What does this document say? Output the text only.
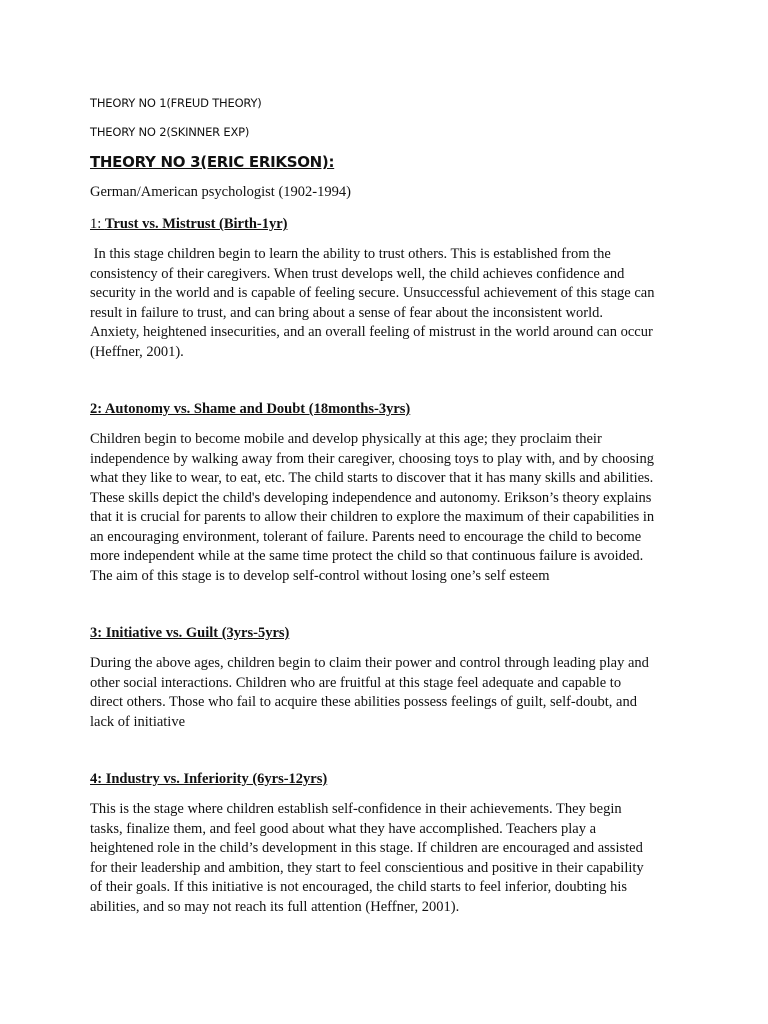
THEORY NO 1(FREUD THEORY)
THEORY NO 2(SKINNER EXP)
THEORY NO 3(ERIC ERIKSON):
German/American psychologist (1902-1994)
1: Trust vs. Mistrust (Birth-1yr)
In this stage children begin to learn the ability to trust others. This is established from the
consistency of their caregivers. When trust develops well, the child achieves confidence and
security in the world and is capable of feeling secure. Unsuccessful achievement of this stage can
result in failure to trust, and can bring about a sense of fear about the inconsistent world.
Anxiety, heightened insecurities, and an overall feeling of mistrust in the world around can occur
(Heffner, 2001).
2: Autonomy vs. Shame and Doubt (18months-3yrs)
Children begin to become mobile and develop physically at this age; they proclaim their
independence by walking away from their caregiver, choosing toys to play with, and by choosing
what they like to wear, to eat, etc. The child starts to discover that it has many skills and abilities.
These skills depict the child's developing independence and autonomy. Erikson’s theory explains
that it is crucial for parents to allow their children to explore the maximum of their capabilities in
an encouraging environment, tolerant of failure. Parents need to encourage the child to become
more independent while at the same time protect the child so that continuous failure is avoided.
The aim of this stage is to develop self-control without losing one’s self esteem
3: Initiative vs. Guilt (3yrs-5yrs)
During the above ages, children begin to claim their power and control through leading play and
other social interactions. Children who are fruitful at this stage feel adequate and capable to
direct others. Those who fail to acquire these abilities possess feelings of guilt, self-doubt, and
lack of initiative
4: Industry vs. Inferiority (6yrs-12yrs)
This is the stage where children establish self-confidence in their achievements. They begin
tasks, finalize them, and feel good about what they have accomplished. Teachers play a
heightened role in the child’s development in this stage. If children are encouraged and assisted
for their leadership and ambition, they start to feel conscientious and positive in their capability
of their goals. If this initiative is not encouraged, the child starts to feel inferior, doubting his
abilities, and so may not reach its full attention (Heffner, 2001).
